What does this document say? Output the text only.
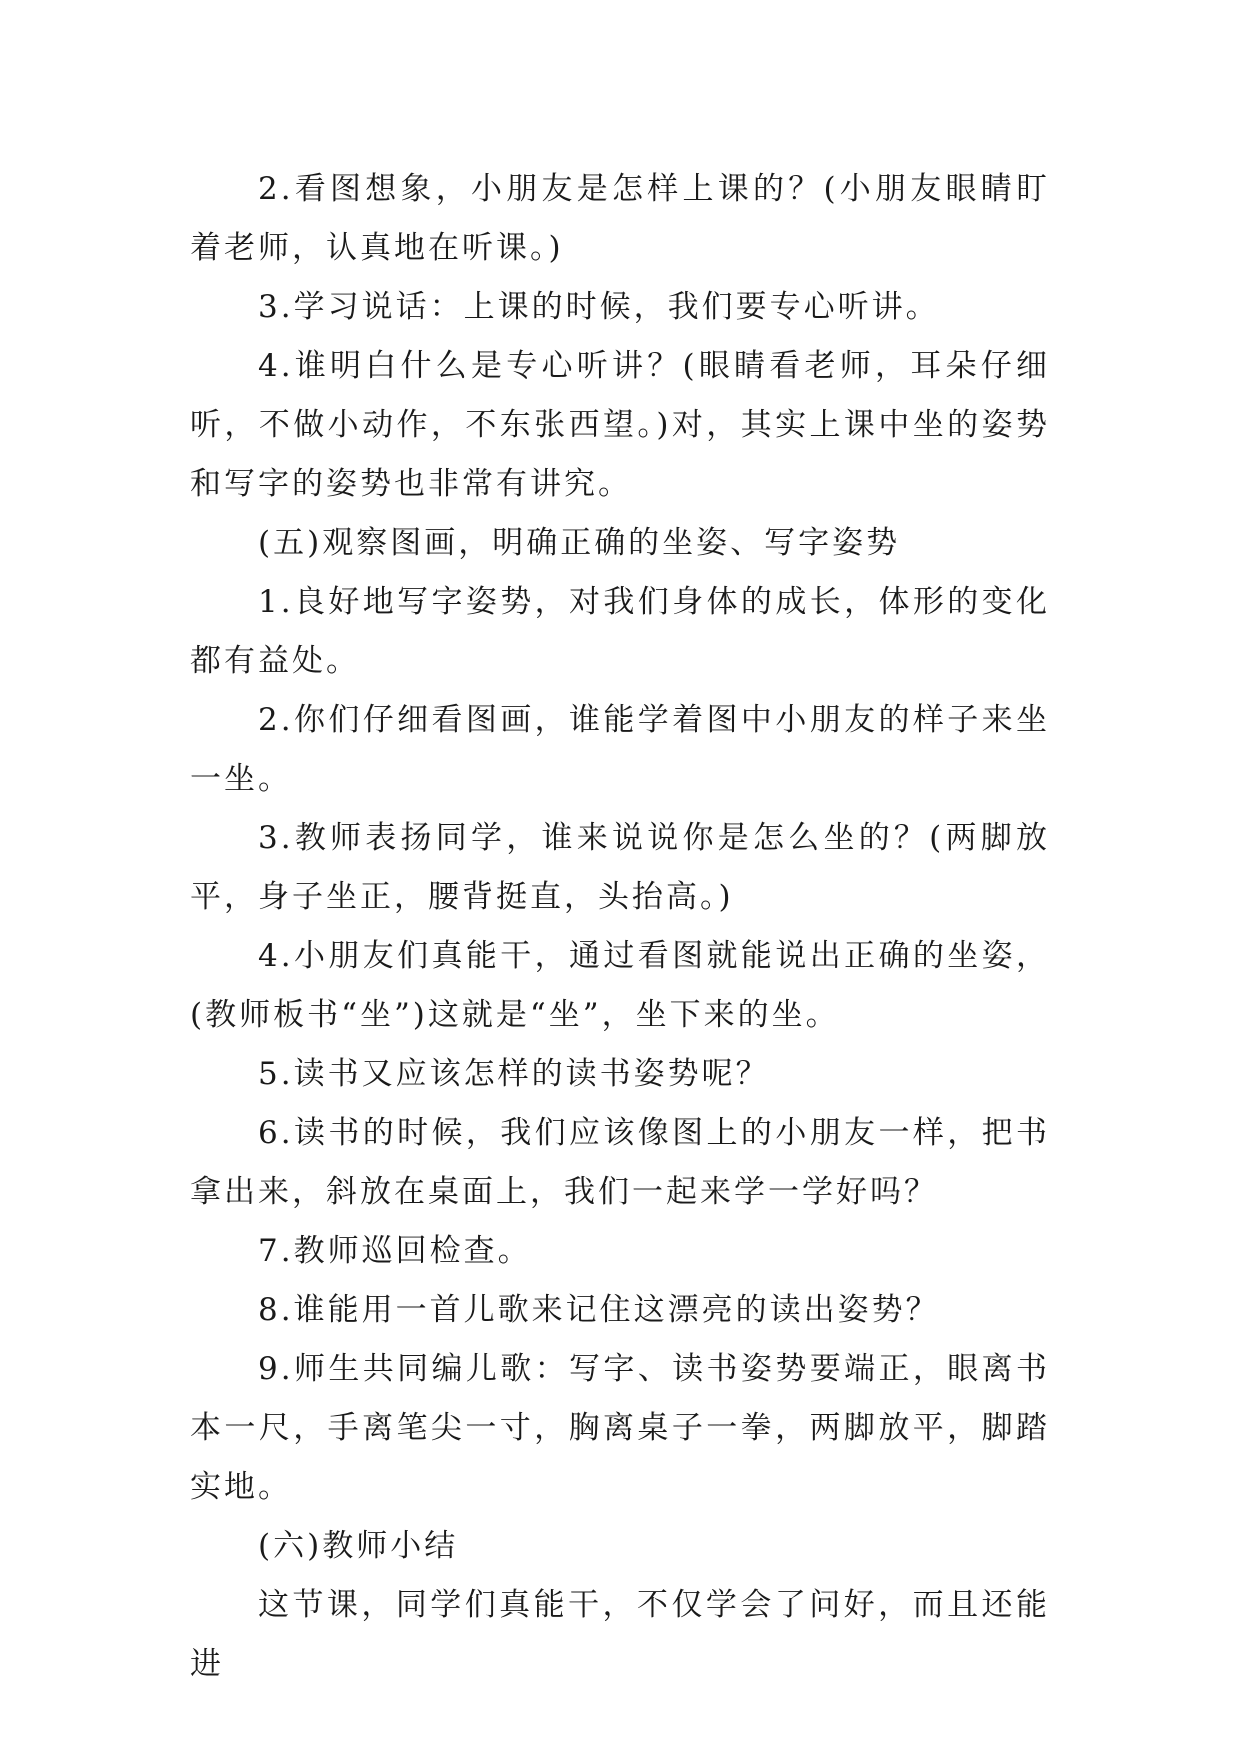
2.看图想象，小朋友是怎样上课的？(小朋友眼睛盯着老师，认真地在听课。)

3.学习说话：上课的时候，我们要专心听讲。

4.谁明白什么是专心听讲？(眼睛看老师，耳朵仔细听，不做小动作，不东张西望。)对，其实上课中坐的姿势和写字的姿势也非常有讲究。

(五)观察图画，明确正确的坐姿、写字姿势

1.良好地写字姿势，对我们身体的成长，体形的变化都有益处。

2.你们仔细看图画，谁能学着图中小朋友的样子来坐一坐。

3.教师表扬同学，谁来说说你是怎么坐的？(两脚放平，身子坐正，腰背挺直，头抬高。)

4.小朋友们真能干，通过看图就能说出正确的坐姿，(教师板书“坐”)这就是“坐”，坐下来的坐。

5.读书又应该怎样的读书姿势呢？

6.读书的时候，我们应该像图上的小朋友一样，把书拿出来，斜放在桌面上，我们一起来学一学好吗？

7.教师巡回检查。

8.谁能用一首儿歌来记住这漂亮的读出姿势？

9.师生共同编儿歌：写字、读书姿势要端正，眼离书本一尺，手离笔尖一寸，胸离桌子一拳，两脚放平，脚踏实地。

(六)教师小结

这节课，同学们真能干，不仅学会了问好，而且还能进
